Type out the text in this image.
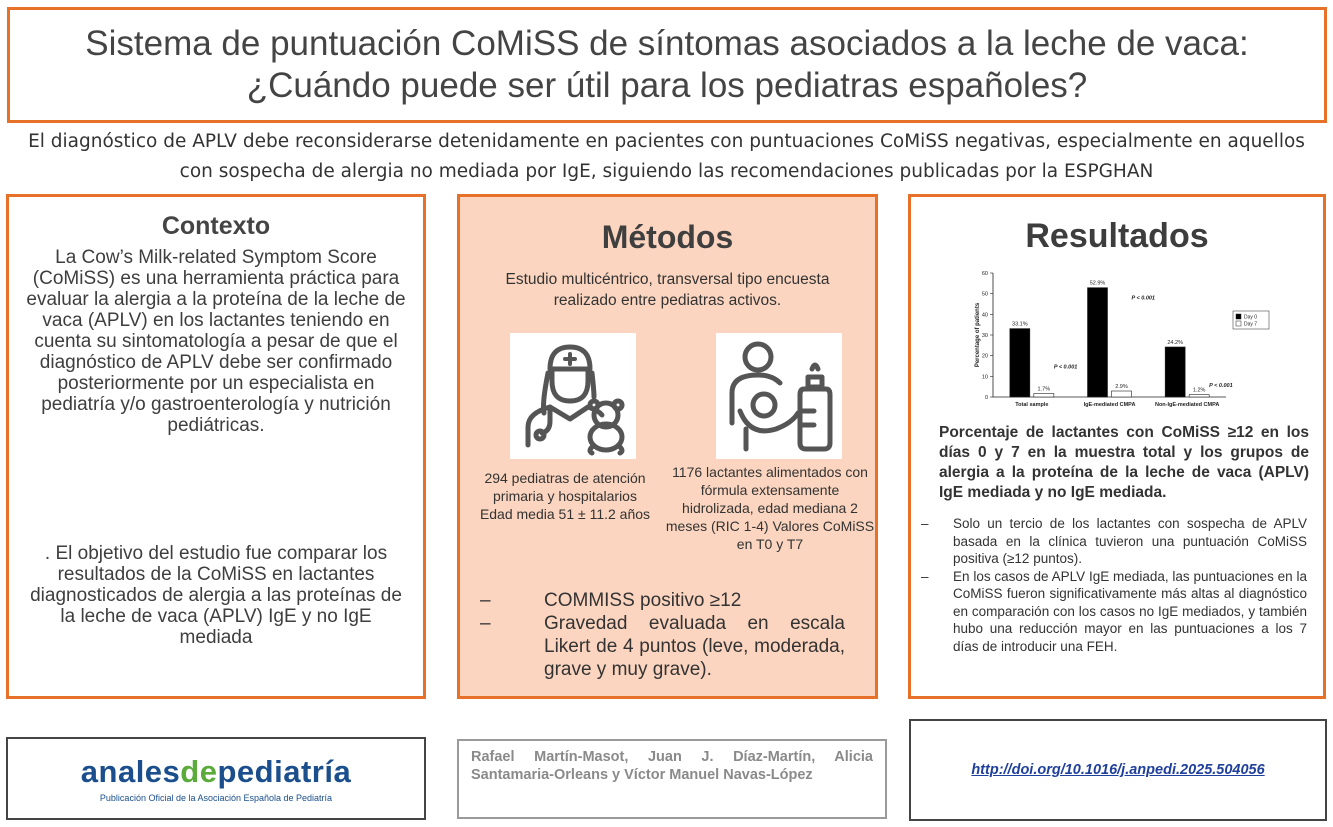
Sistema de puntuación CoMiSS de síntomas asociados a la leche de vaca: ¿Cuándo puede ser útil para los pediatras españoles?
El diagnóstico de APLV debe reconsiderarse detenidamente en pacientes con puntuaciones CoMiSS negativas, especialmente en aquellos con sospecha de alergia no mediada por IgE, siguiendo las recomendaciones publicadas por la ESPGHAN
Contexto

La Cow’s Milk-related Symptom Score (CoMiSS) es una herramienta práctica para evaluar la alergia a la proteína de la leche de vaca (APLV) en los lactantes teniendo en cuenta su sintomatología a pesar de que el diagnóstico de APLV debe ser confirmado posteriormente por un especialista en pediatría y/o gastroenterología y nutrición pediátricas.

. El objetivo del estudio fue comparar los resultados de la CoMiSS en lactantes diagnosticados de alergia a las proteínas de la leche de vaca (APLV) IgE y no IgE mediada

Métodos

Estudio multicéntrico, transversal tipo encuesta realizado entre pediatras activos.

294 pediatras de atención primaria y hospitalarios Edad media 51 ± 11.2 años

1176 lactantes alimentados con fórmula extensamente hidrolizada, edad mediana 2 meses (RIC 1-4) Valores CoMiSS en T0 y T7

–	COMMISS positivo ≥12
–	Gravedad evaluada en escala Likert de 4 puntos (leve, moderada, grave y muy grave).
Resultados
0
10
20
30
40
50
60
Percentage of patients	33.1%
1.7%
Total sample
P < 0.001
52.9%
2.9%
IgE-mediated CMPA
P < 0.001
24.2%
1.2%
Non-IgE-mediated CMPA
P < 0.001
Day 0
Day 7

Porcentaje de lactantes con CoMiSS ≥12 en los días 0 y 7 en la muestra total y los grupos de alergia a la proteína de la leche de vaca (APLV) IgE mediada y no IgE mediada.

–	Solo un tercio de los lactantes con sospecha de APLV basada en la clínica tuvieron una puntuación CoMiSS positiva (≥12 puntos).
–	En los casos de APLV IgE mediada, las puntuaciones en la CoMiSS fueron significativamente más altas al diagnóstico en comparación con los casos no IgE mediados, y también hubo una reducción mayor en las puntuaciones a los 7 días de introducir una FEH.
analesdepediatría
Publicación Oficial de la Asociación Española de Pediatría

Rafael Martín-Masot, Juan J. Díaz-Martín, Alicia Santamaria-Orleans y Víctor Manuel Navas-López	http://doi.org/10.1016/j.anpedi.2025.504056
